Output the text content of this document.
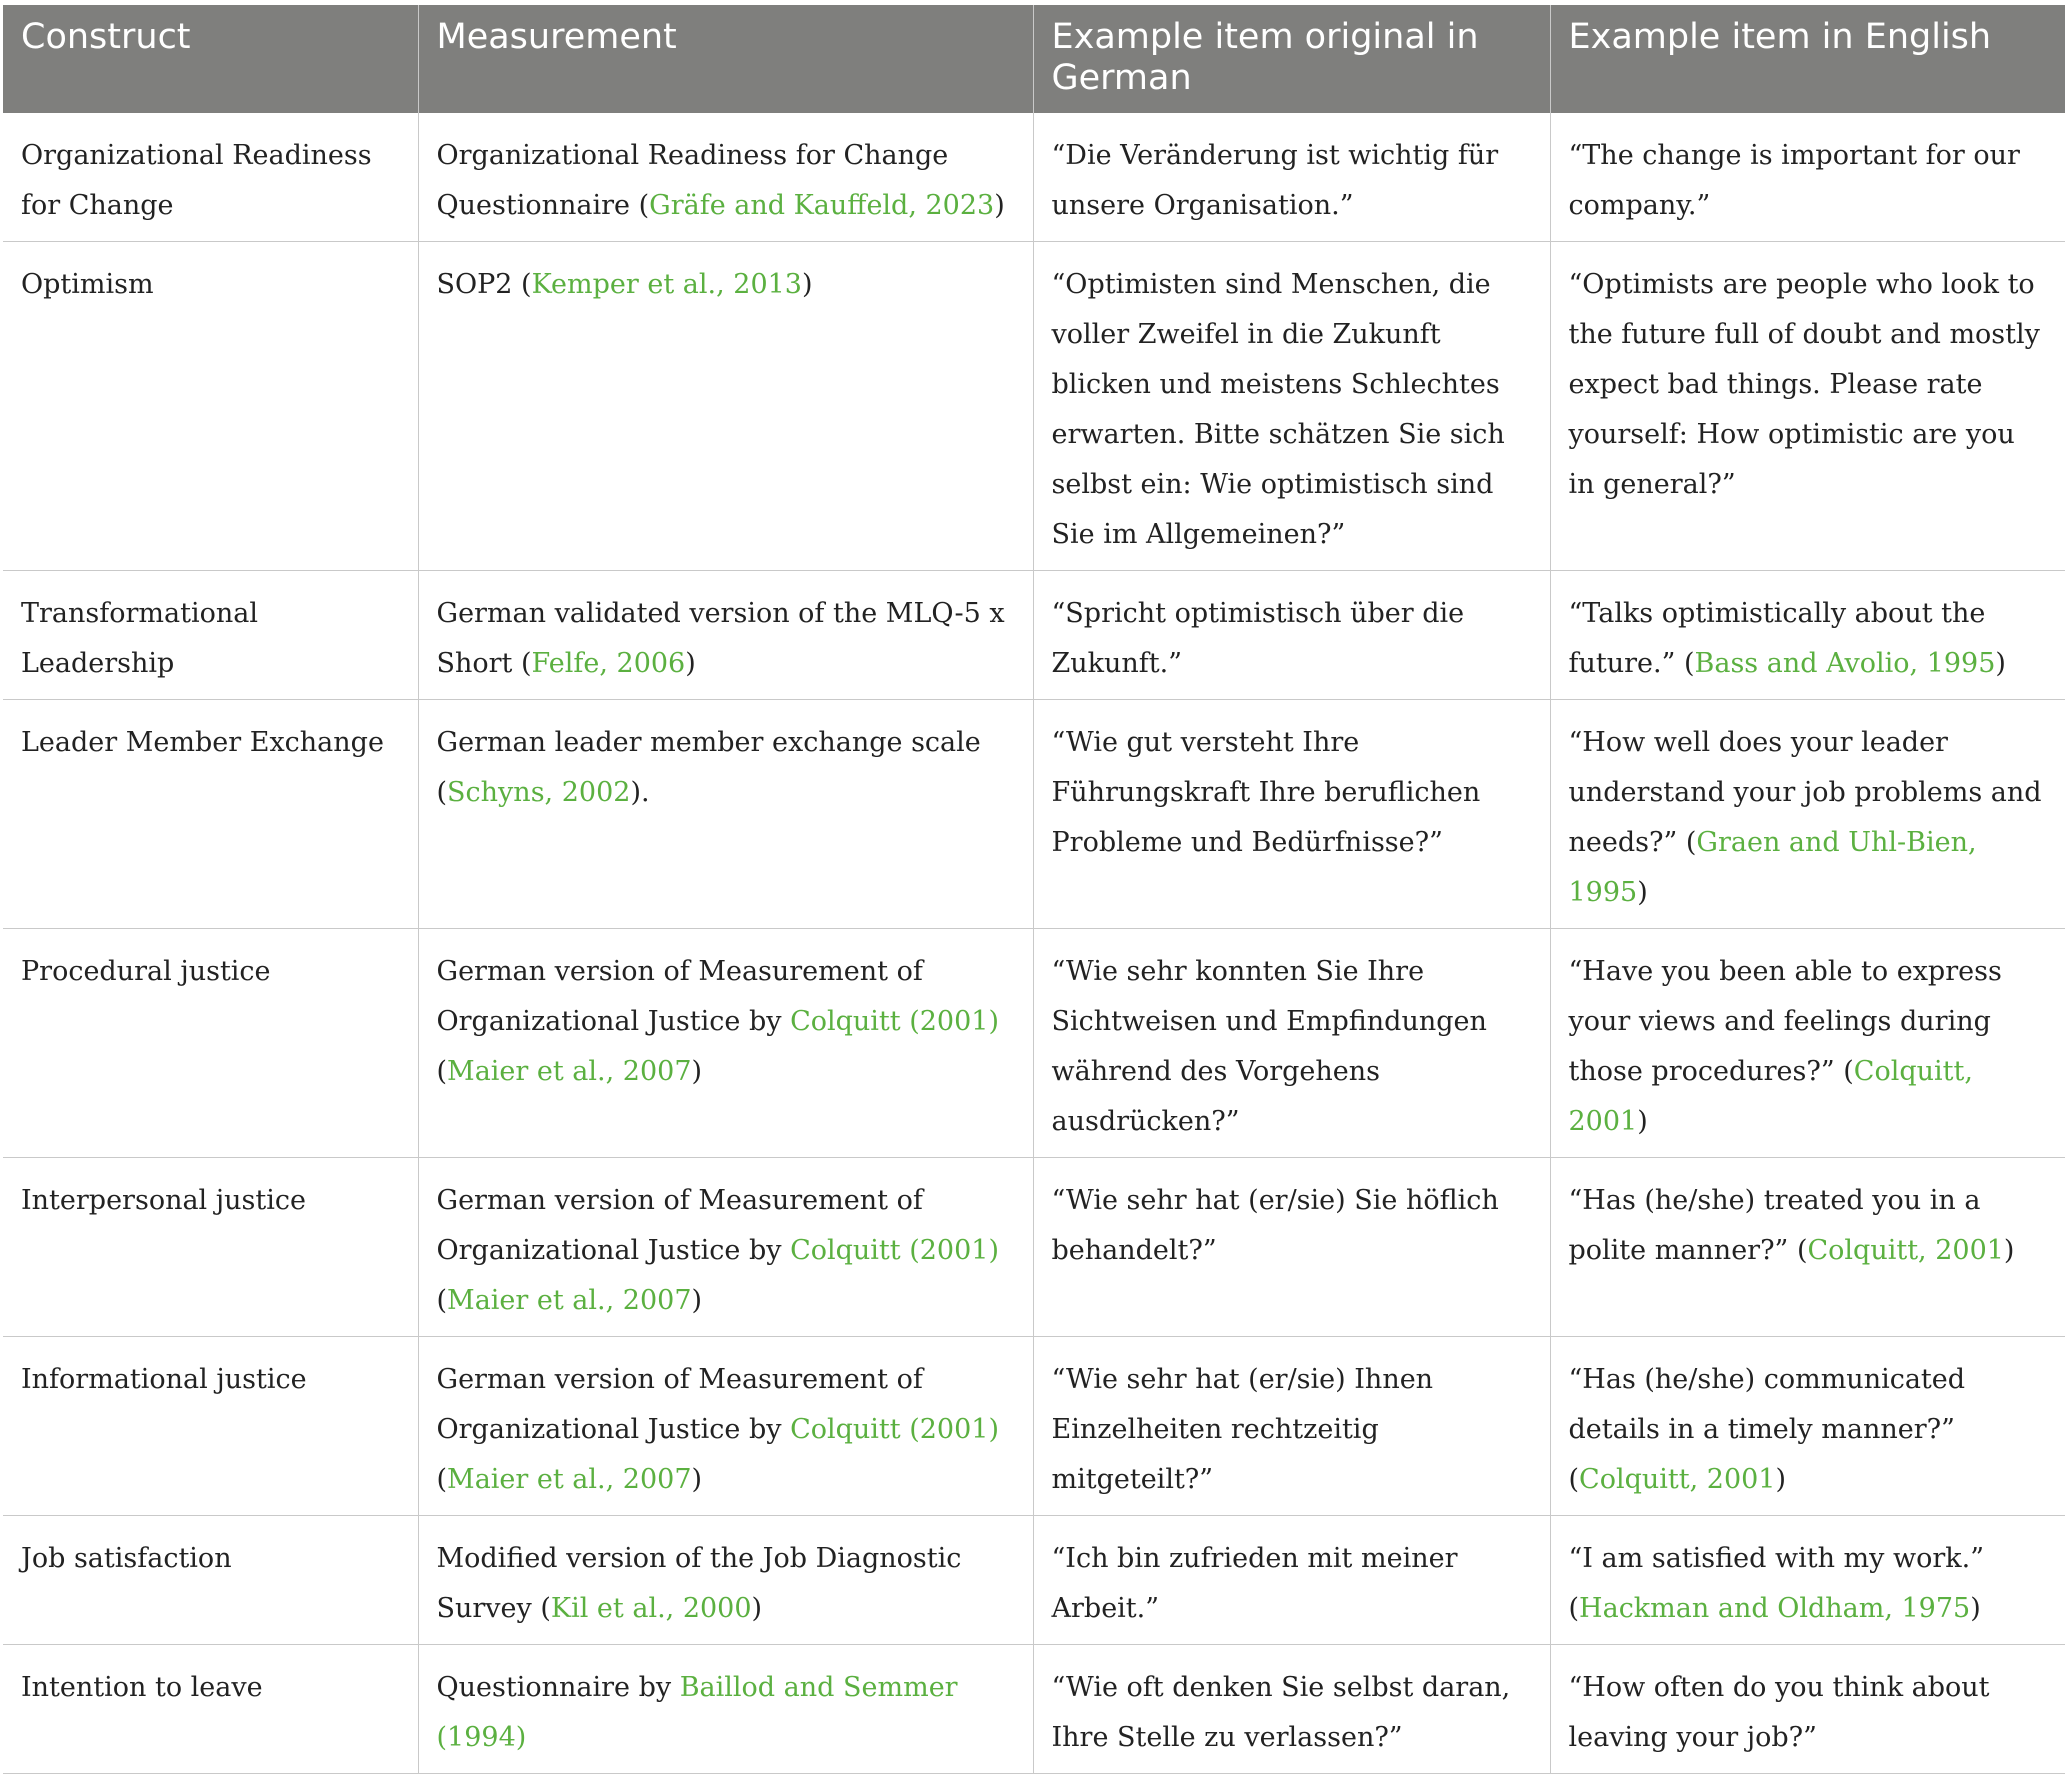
Construct	Measurement	Example item original in German	Example item in English
Organizational Readiness for Change	Organizational Readiness for Change Questionnaire (Gräfe and Kauffeld, 2023)	“Die Veränderung ist wichtig für unsere Organisation.”	“The change is important for our company.”
Optimism	SOP2 (Kemper et al., 2013)	“Optimisten sind Menschen, die voller Zweifel in die Zukunft blicken und meistens Schlechtes erwarten. Bitte schätzen Sie sich selbst ein: Wie optimistisch sind Sie im Allgemeinen?”	“Optimists are people who look to the future full of doubt and mostly expect bad things. Please rate yourself: How optimistic are you in general?”
Transformational Leadership	German validated version of the MLQ-5 x Short (Felfe, 2006)	“Spricht optimistisch über die Zukunft.”	“Talks optimistically about the future.” (Bass and Avolio, 1995)
Leader Member Exchange	German leader member exchange scale (Schyns, 2002).	“Wie gut versteht Ihre Führungskraft Ihre beruflichen Probleme und Bedürfnisse?”	“How well does your leader understand your job problems and needs?” (Graen and Uhl-Bien, 1995)
Procedural justice	German version of Measurement of Organizational Justice by Colquitt (2001) (Maier et al., 2007)	“Wie sehr konnten Sie Ihre Sichtweisen und Empfindungen während des Vorgehens ausdrücken?”	“Have you been able to express your views and feelings during those procedures?” (Colquitt, 2001)
Interpersonal justice	German version of Measurement of Organizational Justice by Colquitt (2001) (Maier et al., 2007)	“Wie sehr hat (er/sie) Sie höflich behandelt?”	“Has (he/she) treated you in a polite manner?” (Colquitt, 2001)
Informational justice	German version of Measurement of Organizational Justice by Colquitt (2001) (Maier et al., 2007)	“Wie sehr hat (er/sie) Ihnen Einzelheiten rechtzeitig mitgeteilt?”	“Has (he/she) communicated details in a timely manner?” (Colquitt, 2001)
Job satisfaction	Modified version of the Job Diagnostic Survey (Kil et al., 2000)	“Ich bin zufrieden mit meiner Arbeit.”	“I am satisfied with my work.” (Hackman and Oldham, 1975)
Intention to leave	Questionnaire by Baillod and Semmer (1994)	“Wie oft denken Sie selbst daran, Ihre Stelle zu verlassen?”	“How often do you think about leaving your job?”
